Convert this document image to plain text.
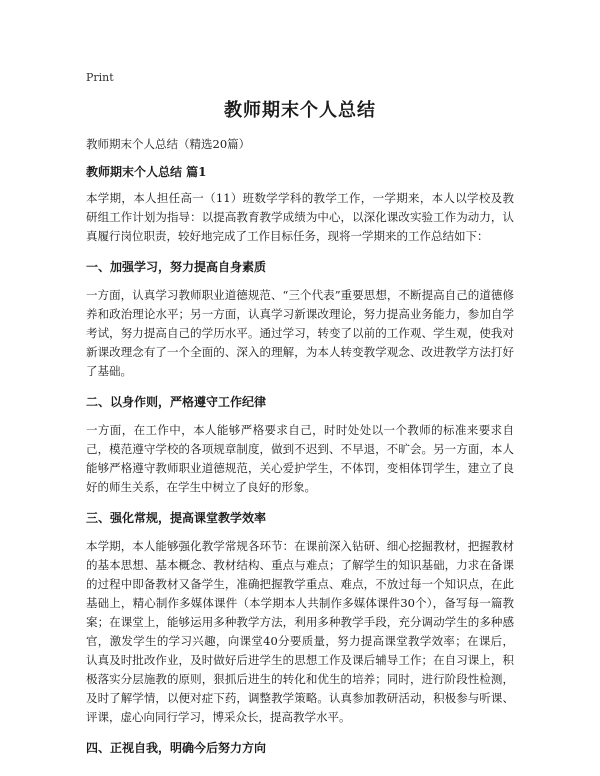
Print
教师期末个人总结
教师期末个人总结（精选20篇）
教师期末个人总结 篇1

本学期，本人担任高一（11）班数学学科的教学工作，一学期来，本人以学校及教研组工作计划为指导：以提高教育教学成绩为中心，以深化课改实验工作为动力，认真履行岗位职责，较好地完成了工作目标任务，现将一学期来的工作总结如下：

一、加强学习，努力提高自身素质

一方面，认真学习教师职业道德规范、“三个代表”重要思想，不断提高自己的道德修养和政治理论水平；另一方面，认真学习新课改理论，努力提高业务能力，参加自学考试，努力提高自己的学历水平。通过学习，转变了以前的工作观、学生观，使我对新课改理念有了一个全面的、深入的理解，为本人转变教学观念、改进教学方法打好了基础。

二、以身作则，严格遵守工作纪律

一方面，在工作中，本人能够严格要求自己，时时处处以一个教师的标准来要求自己，模范遵守学校的各项规章制度，做到不迟到、不早退，不旷会。另一方面，本人能够严格遵守教师职业道德规范，关心爱护学生，不体罚，变相体罚学生，建立了良好的师生关系，在学生中树立了良好的形象。

三、强化常规，提高课堂教学效率

本学期，本人能够强化教学常规各环节：在课前深入钻研、细心挖掘教材，把握教材的基本思想、基本概念、教材结构、重点与难点；了解学生的知识基础，力求在备课的过程中即备教材又备学生，准确把握教学重点、难点，不放过每一个知识点，在此基础上，精心制作多媒体课件（本学期本人共制作多媒体课件30个），备写每一篇教案；在课堂上，能够运用多种教学方法，利用多种教学手段，充分调动学生的多种感官，激发学生的学习兴趣，向课堂40分要质量，努力提高课堂教学效率；在课后，认真及时批改作业，及时做好后进学生的思想工作及课后辅导工作；在自习课上，积极落实分层施教的原则，狠抓后进生的转化和优生的培养；同时，进行阶段性检测，及时了解学情，以便对症下药，调整教学策略。认真参加教研活动，积极参与听课、评课，虚心向同行学习，博采众长，提高教学水平。

四、正视自我，明确今后努力方向
